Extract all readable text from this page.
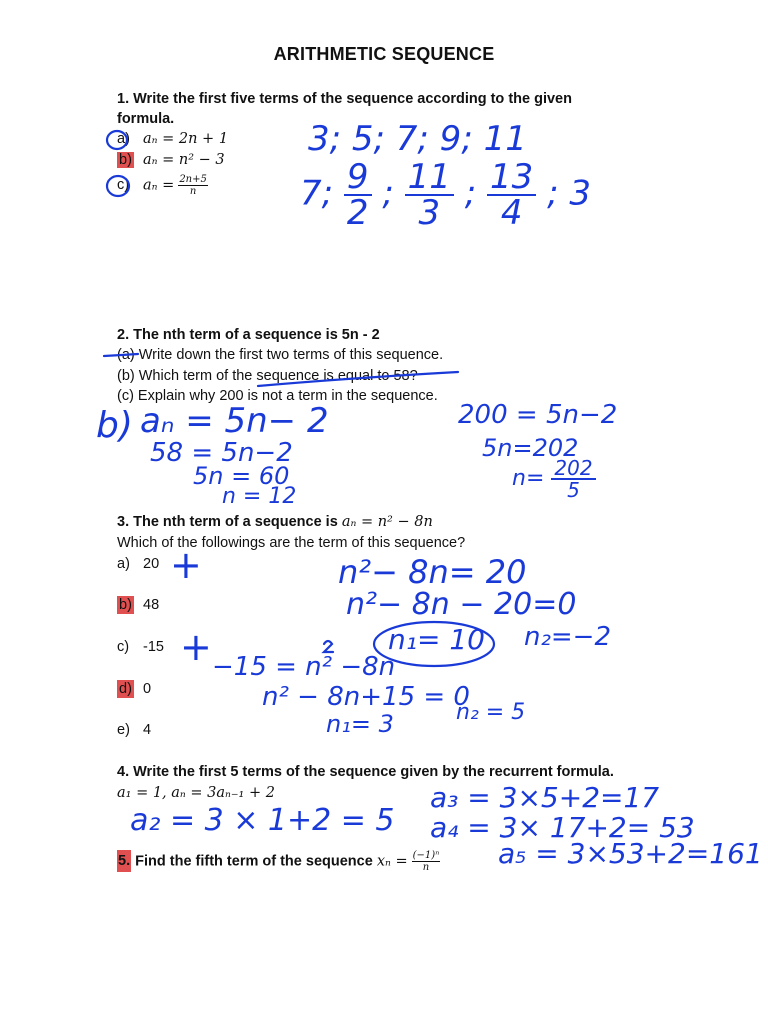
ARITHMETIC SEQUENCE
1. Write the first five terms of the sequence according to the given
formula.
a) aₙ = 2n + 1
b) aₙ = n² − 3
c) $a_n = \frac{2n+5}{n}$
3; 5; 7; 9; 11
7; $\frac{9}{2}$ ; $\frac{11}{3}$ ; $\frac{13}{4}$ ; 3
2. The nth term of a sequence is 5n - 2
(a) Write down the first two terms of this sequence.
(b) Which term of the sequence is equal to 58?
(c) Explain why 200 is not a term in the sequence.
b) aₙ = 5n− 2
58 = 5n−2
5n = 60
n = 12
200 = 5n−2
5n=202
$n= \frac{202}{5}$
3. The nth term of a sequence is aₙ = n² − 8n
Which of the followings are the term of this sequence?
a) 20
b) 48
c) -15
d) 0
e) 4
+
+
n²− 8n= 20
n²− 8n − 20=0
n₁= 10 n₂=−2
−15 = n² −8n
n² − 8n+15 = 0
n₁= 3	n₂ = 5
4. Write the first 5 terms of the sequence given by the recurrent formula.
a₁ = 1, aₙ = 3aₙ₋₁ + 2
a₂ = 3 × 1+2 = 5
a₃ = 3×5+2=17
a₄ = 3× 17+2= 53
a₅ = 3×53+2=161
5. Find the fifth term of the sequence $x_n = \frac{\text{(−1)ⁿ}}{n}$
